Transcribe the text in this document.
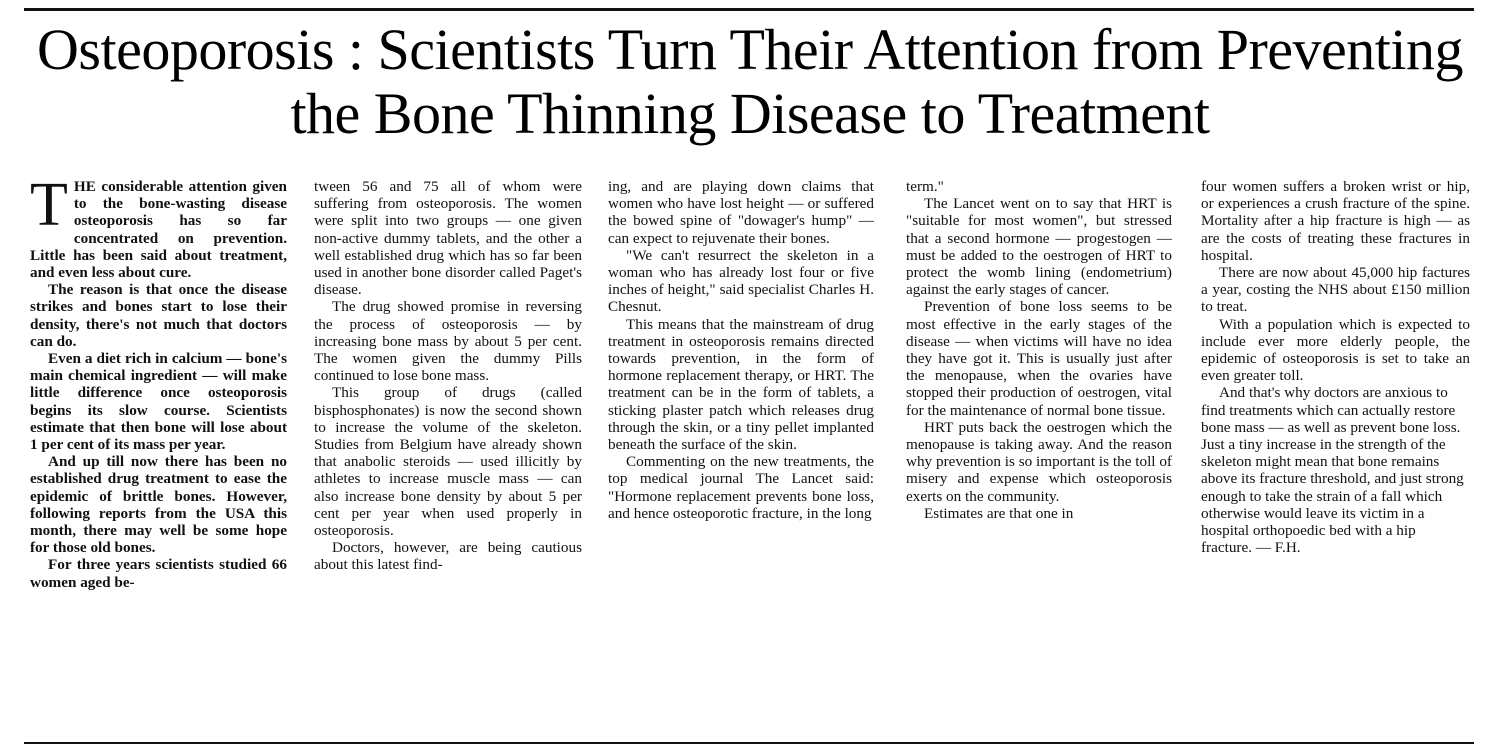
Osteoporosis : Scientists Turn Their Attention from Preventing the Bone Thinning Disease to Treatment

THE considerable attention given to the bone-wasting disease osteoporosis has so far concentrated on prevention. Little has been said about treatment, and even less about cure.

The reason is that once the disease strikes and bones start to lose their density, there's not much that doctors can do.

Even a diet rich in calcium — bone's main chemical ingredient — will make little difference once osteoporosis begins its slow course. Scientists estimate that then bone will lose about 1 per cent of its mass per year.

And up till now there has been no established drug treatment to ease the epidemic of brittle bones. However, following reports from the USA this month, there may well be some hope for those old bones.

For three years scientists studied 66 women aged be-

tween 56 and 75 all of whom were suffering from osteoporosis. The women were split into two groups — one given non-active dummy tablets, and the other a well established drug which has so far been used in another bone disorder called Paget's disease.

The drug showed promise in reversing the process of osteoporosis — by increasing bone mass by about 5 per cent. The women given the dummy Pills continued to lose bone mass.

This group of drugs (called bisphosphonates) is now the second shown to increase the volume of the skeleton. Studies from Belgium have already shown that anabolic steroids — used illicitly by athletes to increase muscle mass — can also increase bone density by about 5 per cent per year when used properly in osteoporosis.

Doctors, however, are being cautious about this latest find-

ing, and are playing down claims that women who have lost height — or suffered the bowed spine of "dowager's hump" — can expect to rejuvenate their bones.

"We can't resurrect the skeleton in a woman who has already lost four or five inches of height," said specialist Charles H. Chesnut.

This means that the mainstream of drug treatment in osteoporosis remains directed towards prevention, in the form of hormone replacement therapy, or HRT. The treatment can be in the form of tablets, a sticking plaster patch which releases drug through the skin, or a tiny pellet implanted beneath the surface of the skin.

Commenting on the new treatments, the top medical journal The Lancet said: "Hormone replacement prevents bone loss, and hence osteoporotic fracture, in the long

term."

The Lancet went on to say that HRT is "suitable for most women", but stressed that a second hormone — progestogen — must be added to the oestrogen of HRT to protect the womb lining (endometrium) against the early stages of cancer.

Prevention of bone loss seems to be most effective in the early stages of the disease — when victims will have no idea they have got it. This is usually just after the menopause, when the ovaries have stopped their production of oestrogen, vital for the maintenance of normal bone tissue.

HRT puts back the oestrogen which the menopause is taking away. And the reason why prevention is so important is the toll of misery and expense which osteoporosis exerts on the community.

Estimates are that one in

four women suffers a broken wrist or hip, or experiences a crush fracture of the spine. Mortality after a hip fracture is high — as are the costs of treating these fractures in hospital.

There are now about 45,000 hip factures a year, costing the NHS about £150 million to treat.

With a population which is expected to include ever more elderly people, the epidemic of osteoporosis is set to take an even greater toll.

And that's why doctors are anxious to find treatments which can actually restore bone mass — as well as prevent bone loss. Just a tiny increase in the strength of the skeleton might mean that bone remains above its fracture threshold, and just strong enough to take the strain of a fall which otherwise would leave its victim in a hospital orthopoedic bed with a hip fracture. — F.H.
